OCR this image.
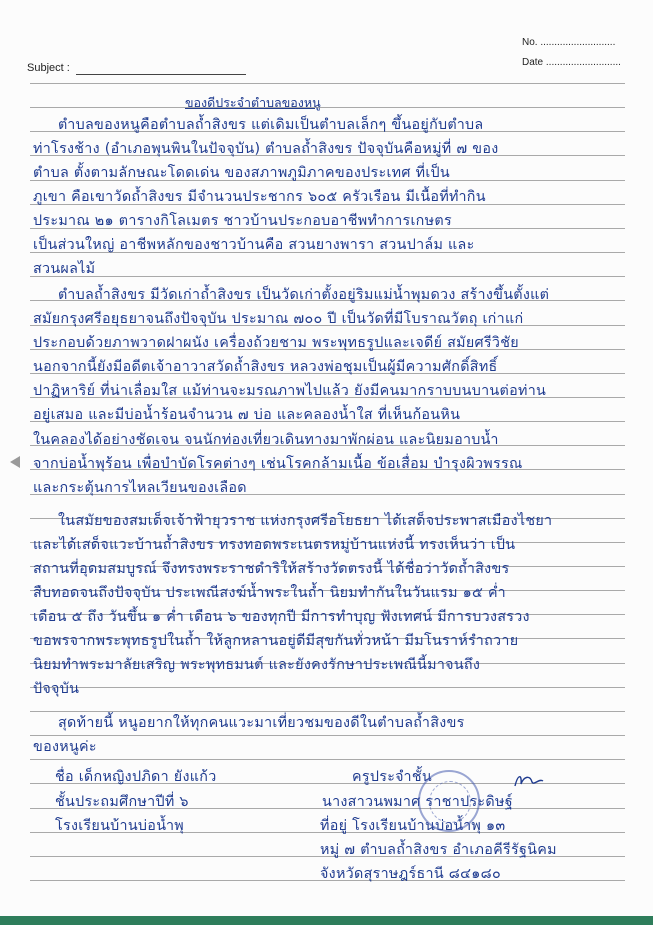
No. ...........................
Date ...........................
Subject :
ของดีประจำตำบลของหนู
ตำบลของหนูคือตำบลถ้ำสิงขร แต่เดิมเป็นตำบลเล็กๆ ขึ้นอยู่กับตำบล
ท่าโรงช้าง (อำเภอพุนพินในปัจจุบัน) ตำบลถ้ำสิงขร ปัจจุบันคือหมู่ที่ ๗ ของ
ตำบล ตั้งตามลักษณะโดดเด่น ของสภาพภูมิภาคของประเทศ ที่เป็น
ภูเขา คือเขาวัดถ้ำสิงขร มีจำนวนประชากร ๖๐๕ ครัวเรือน มีเนื้อที่ทำกิน
ประมาณ ๒๑ ตารางกิโลเมตร ชาวบ้านประกอบอาชีพทำการเกษตร
เป็นส่วนใหญ่ อาชีพหลักของชาวบ้านคือ สวนยางพารา สวนปาล์ม และ
สวนผลไม้
ตำบลถ้ำสิงขร มีวัดเก่าถ้ำสิงขร เป็นวัดเก่าตั้งอยู่ริมแม่น้ำพุมดวง สร้างขึ้นตั้งแต่
สมัยกรุงศรีอยุธยาจนถึงปัจจุบัน ประมาณ ๗๐๐ ปี เป็นวัดที่มีโบราณวัตถุ เก่าแก่
ประกอบด้วยภาพวาดฝาผนัง เครื่องถ้วยชาม พระพุทธรูปและเจดีย์ สมัยศรีวิชัย
นอกจากนี้ยังมีอดีตเจ้าอาวาสวัดถ้ำสิงขร หลวงพ่อชุมเป็นผู้มีความศักดิ์สิทธิ์
ปาฏิหาริย์ ที่น่าเลื่อมใส แม้ท่านจะมรณภาพไปแล้ว ยังมีคนมากราบบนบานต่อท่าน
อยู่เสมอ และมีบ่อน้ำร้อนจำนวน ๗ บ่อ และคลองน้ำใส ที่เห็นก้อนหิน
ในคลองได้อย่างชัดเจน จนนักท่องเที่ยวเดินทางมาพักผ่อน และนิยมอาบน้ำ
จากบ่อน้ำพุร้อน เพื่อบำบัดโรคต่างๆ เช่นโรคกล้ามเนื้อ ข้อเสื่อม บำรุงผิวพรรณ
และกระตุ้นการไหลเวียนของเลือด
ในสมัยของสมเด็จเจ้าฟ้ายุวราช แห่งกรุงศรีอโยธยา ได้เสด็จประพาสเมืองไชยา
และได้เสด็จแวะบ้านถ้ำสิงขร ทรงทอดพระเนตรหมู่บ้านแห่งนี้ ทรงเห็นว่า เป็น
สถานที่อุดมสมบูรณ์ จึงทรงพระราชดำริให้สร้างวัดตรงนี้ ได้ชื่อว่าวัดถ้ำสิงขร
สืบทอดจนถึงปัจจุบัน ประเพณีสงฆ์น้ำพระในถ้ำ นิยมทำกันในวันแรม ๑๕ ค่ำ
เดือน ๕ ถึง วันขึ้น ๑ ค่ำ เดือน ๖ ของทุกปี มีการทำบุญ ฟังเทศน์ มีการบวงสรวง
ขอพรจากพระพุทธรูปในถ้ำ ให้ลูกหลานอยู่ดีมีสุขกันทั่วหน้า มีมโนราห์รำถวาย
นิยมทำพระมาลัยเสริญ พระพุทธมนต์ และยังคงรักษาประเพณีนี้มาจนถึง
ปัจจุบัน
สุดท้ายนี้ หนูอยากให้ทุกคนแวะมาเที่ยวชมของดีในตำบลถ้ำสิงขร
ของหนูค่ะ
ชื่อ เด็กหญิงปภิดา ยังแก้ว
ชั้นประถมศึกษาปีที่ ๖
โรงเรียนบ้านบ่อน้ำพุ
ครูประจำชั้น
นางสาวนพมาศ ราชาประดิษฐ์
ที่อยู่ โรงเรียนบ้านบ่อน้ำพุ ๑๓
หมู่ ๗ ตำบลถ้ำสิงขร อำเภอคีรีรัฐนิคม
จังหวัดสุราษฎร์ธานี ๘๔๑๘๐
